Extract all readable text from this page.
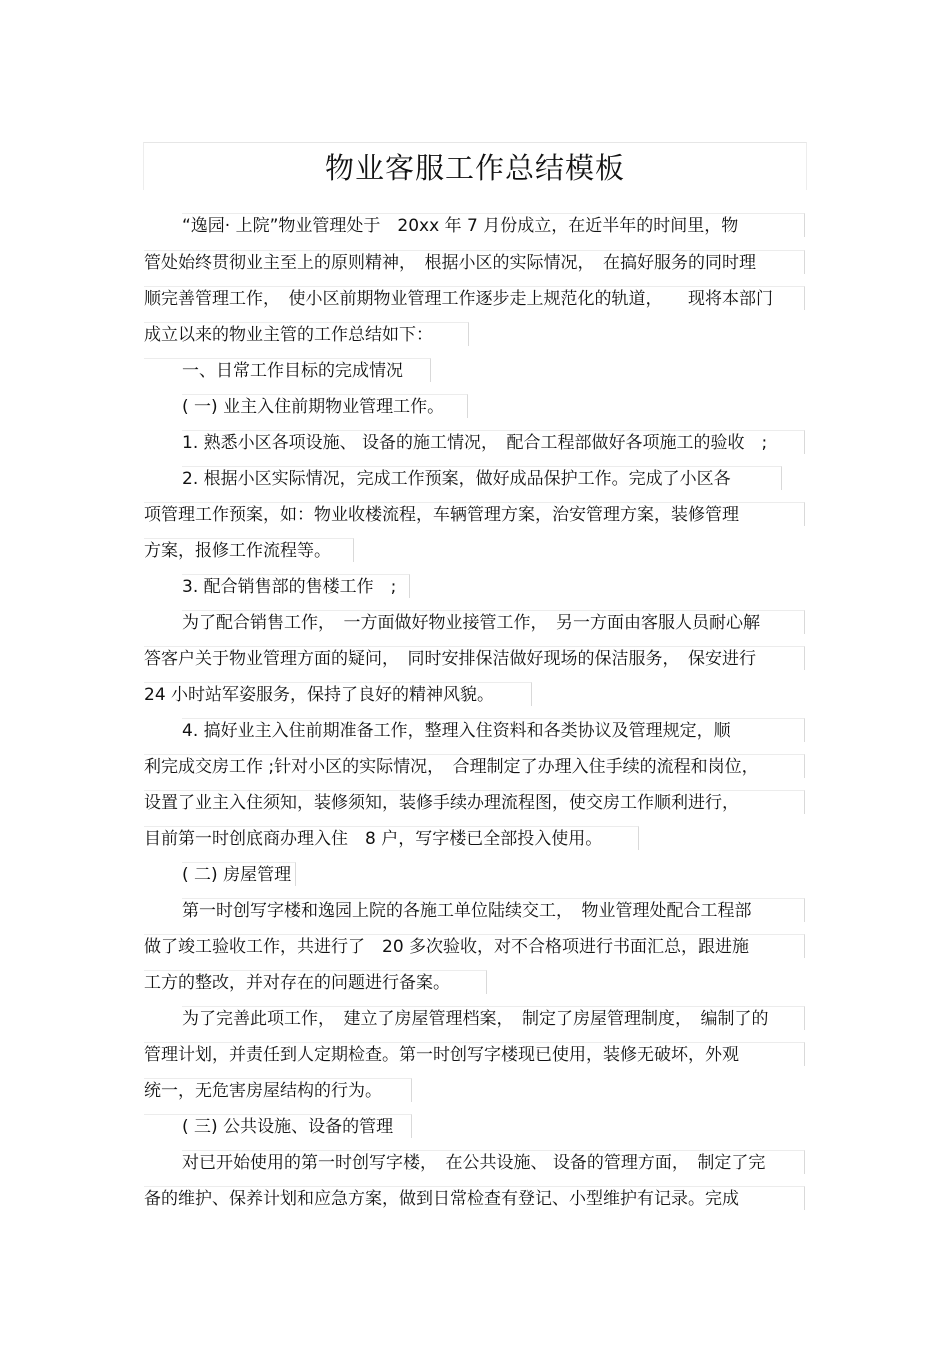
物业客服工作总结模板
“逸园· 上院”物业管理处于　20xx 年 7 月份成立，在近半年的时间里，物
管处始终贯彻业主至上的原则精神，　根据小区的实际情况，　在搞好服务的同时理
顺完善管理工作，　使小区前期物业管理工作逐步走上规范化的轨道，　　现将本部门
成立以来的物业主管的工作总结如下：
一、日常工作目标的完成情况
( 一) 业主入住前期物业管理工作。
1. 熟悉小区各项设施、 设备的施工情况，　配合工程部做好各项施工的验收　;
2. 根据小区实际情况，完成工作预案，做好成品保护工作。完成了小区各
项管理工作预案，如：物业收楼流程，车辆管理方案，治安管理方案，装修管理
方案，报修工作流程等。
3. 配合销售部的售楼工作　;
为了配合销售工作，　一方面做好物业接管工作，　另一方面由客服人员耐心解
答客户关于物业管理方面的疑问，　同时安排保洁做好现场的保洁服务，　保安进行
24 小时站军姿服务，保持了良好的精神风貌。
4. 搞好业主入住前期准备工作，整理入住资料和各类协议及管理规定，顺
利完成交房工作 ;针对小区的实际情况，　合理制定了办理入住手续的流程和岗位，
设置了业主入住须知，装修须知，装修手续办理流程图，使交房工作顺利进行，
目前第一时创底商办理入住　8 户，写字楼已全部投入使用。
( 二) 房屋管理
第一时创写字楼和逸园上院的各施工单位陆续交工，　物业管理处配合工程部
做了竣工验收工作，共进行了　20 多次验收，对不合格项进行书面汇总，跟进施
工方的整改，并对存在的问题进行备案。
为了完善此项工作，　建立了房屋管理档案，　制定了房屋管理制度，　编制了的
管理计划，并责任到人定期检查。第一时创写字楼现已使用，装修无破坏，外观
统一，无危害房屋结构的行为。
( 三) 公共设施、设备的管理
对已开始使用的第一时创写字楼，　在公共设施、 设备的管理方面，　制定了完
备的维护、保养计划和应急方案，做到日常检查有登记、小型维护有记录。完成
